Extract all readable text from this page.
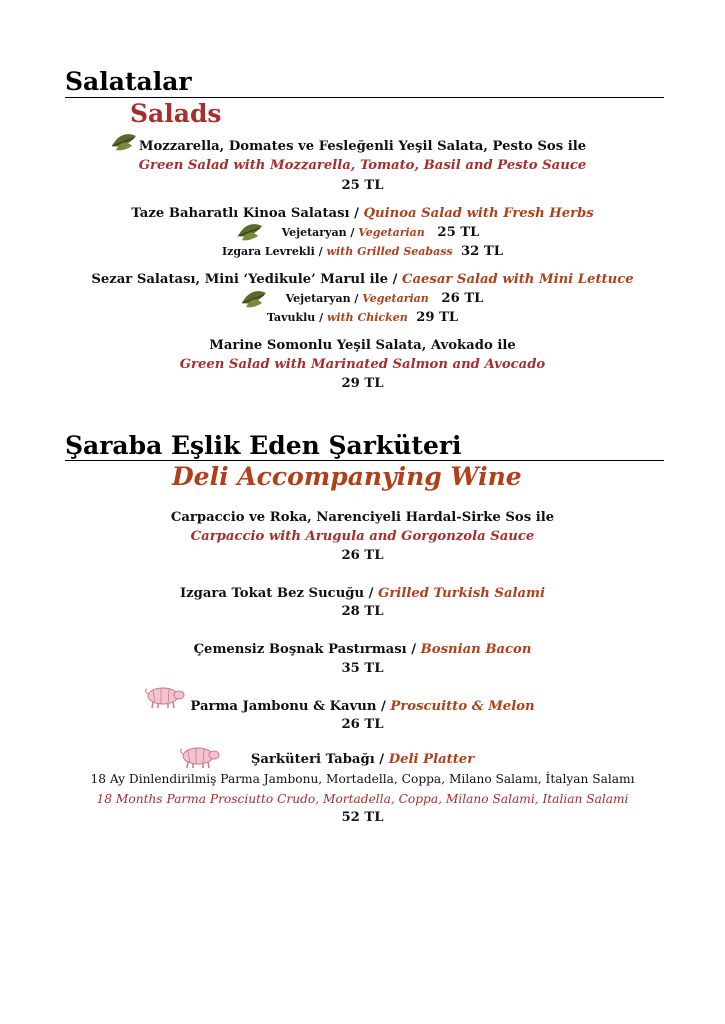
Salatalar
Salads
Mozzarella, Domates ve Fesleğenli Yeşil Salata, Pesto Sos ile
Green Salad with Mozzarella, Tomato, Basil and Pesto Sauce
25 TL
Taze Baharatlı Kinoa Salatası / Quinoa Salad with Fresh Herbs
Vejetaryan / Vegetarian 25 TL
Izgara Levrekli / with Grilled Seabass 32 TL
Sezar Salatası, Mini ‘Yedikule’ Marul ile / Caesar Salad with Mini Lettuce
Vejetaryan / Vegetarian 26 TL
Tavuklu / with Chicken 29 TL
Marine Somonlu Yeşil Salata, Avokado ile
Green Salad with Marinated Salmon and Avocado
29 TL
Şaraba Eşlik Eden Şarküteri
Deli Accompanying Wine
Carpaccio ve Roka, Narenciyeli Hardal-Sirke Sos ile
Carpaccio with Arugula and Gorgonzola Sauce
26 TL
Izgara Tokat Bez Sucuğu / Grilled Turkish Salami
28 TL
Çemensiz Boşnak Pastırması / Bosnian Bacon
35 TL
Parma Jambonu & Kavun / Proscuitto & Melon
26 TL
Şarküteri Tabağı / Deli Platter
18 Ay Dinlendirilmiş Parma Jambonu, Mortadella, Coppa, Milano Salamı, İtalyan Salamı
18 Months Parma Prosciutto Crudo, Mortadella, Coppa, Milano Salami, Italian Salami
52 TL
